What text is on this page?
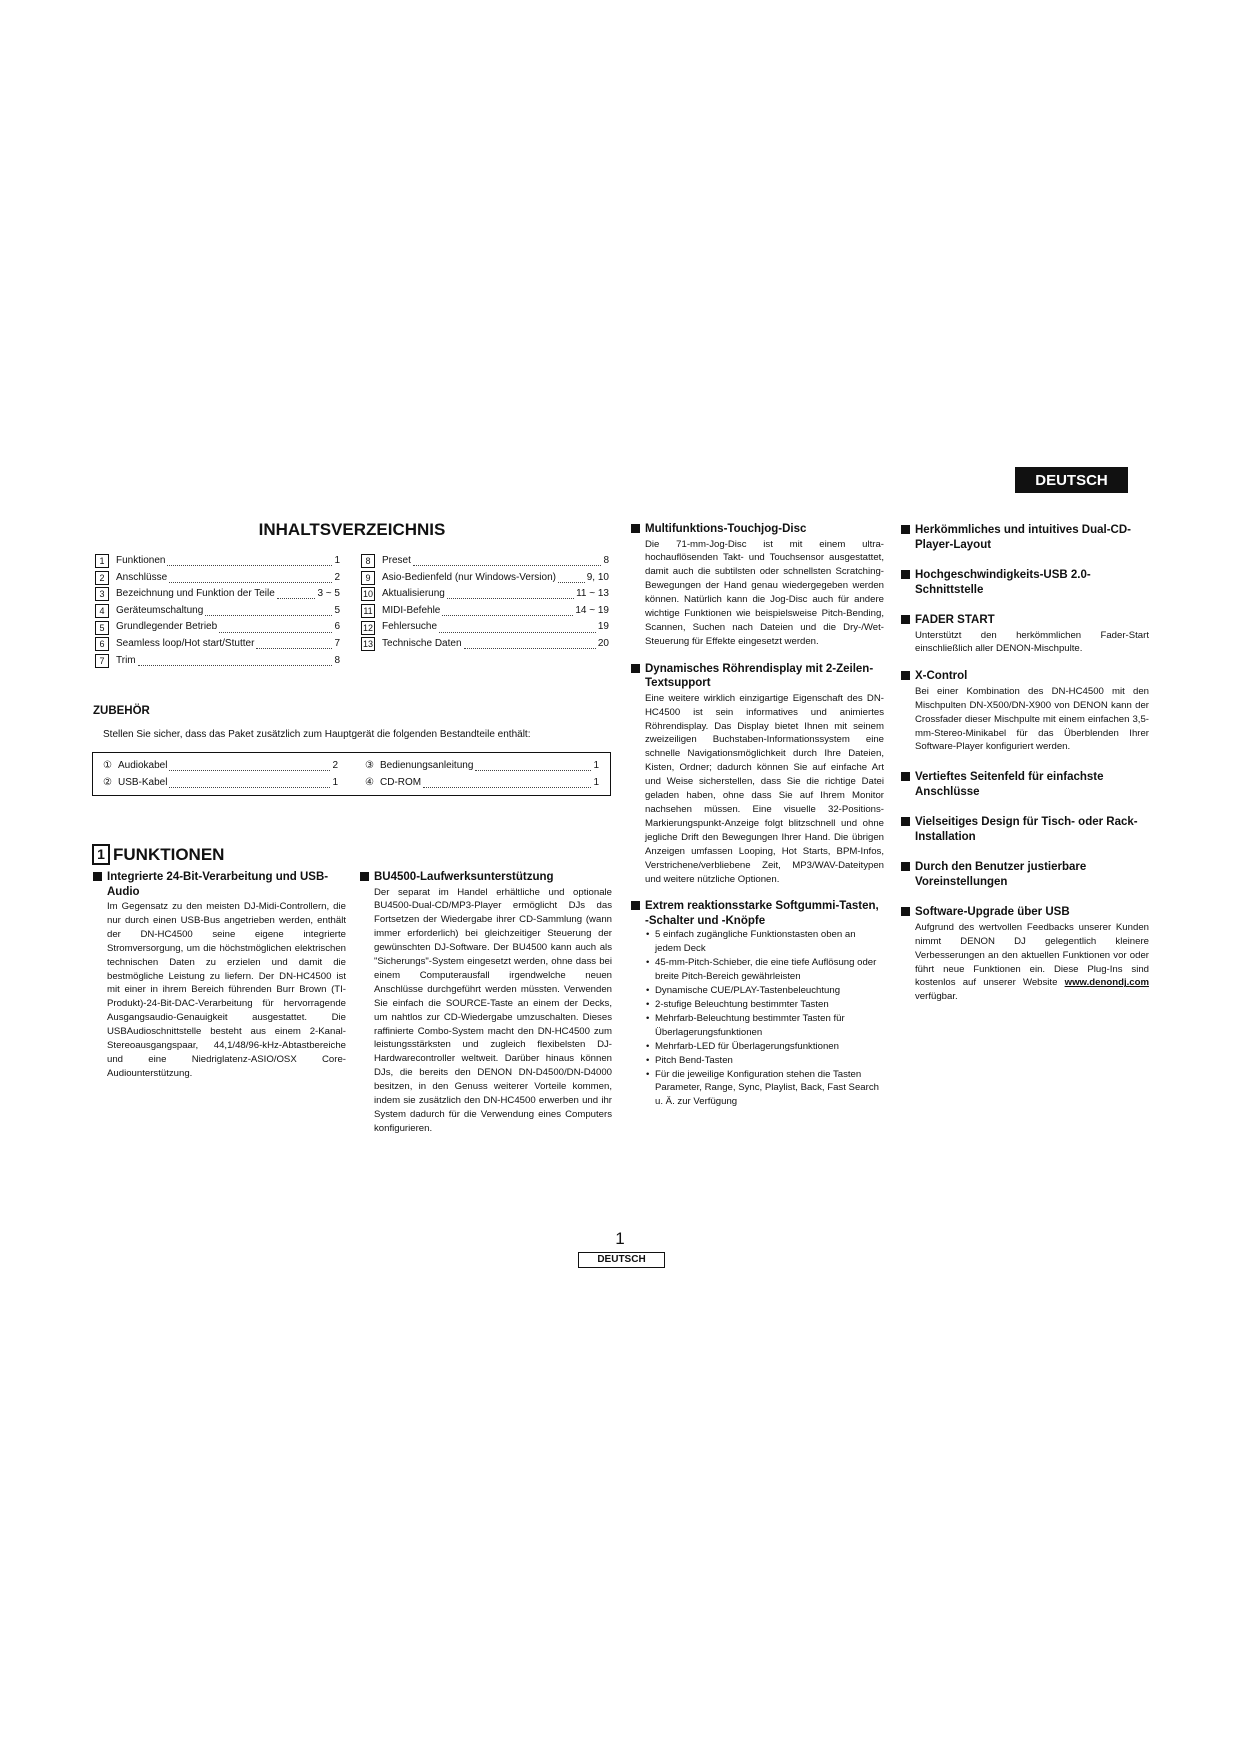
DEUTSCH
INHALTSVERZEICHNIS
1	Funktionen	1
2	Anschlüsse	2
3	Bezeichnung und Funktion der Teile	3 ~ 5
4	Geräteumschaltung	5
5	Grundlegender Betrieb	6
6	Seamless loop/Hot start/Stutter	7
7	Trim	8
8	Preset	8
9	Asio-Bedienfeld (nur Windows-Version)	9, 10
10 Aktualisierung	11 ~ 13
11 MIDI-Befehle	14 ~ 19
12 Fehlersuche	19
13 Technische Daten	20
ZUBEHÖR
Stellen Sie sicher, dass das Paket zusätzlich zum Hauptgerät die folgenden Bestandteile enthält:
① Audiokabel	2
② USB-Kabel	1
③ Bedienungsanleitung	1
④ CD-ROM	1
1 FUNKTIONEN
Integrierte 24-Bit-Verarbeitung und USB-Audio

Im Gegensatz zu den meisten DJ-Midi-Controllern, die nur durch einen USB-Bus angetrieben werden, enthält der DN-HC4500 seine eigene integrierte Stromversorgung, um die höchstmöglichen elektrischen technischen Daten zu erzielen und damit die bestmögliche Leistung zu liefern. Der DN-HC4500 ist mit einer in ihrem Bereich führenden Burr Brown (TI-Produkt)-24-Bit-DAC-Verarbeitung für hervorragende Ausgangsaudio-Genauigkeit ausgestattet. Die USBAudioschnittstelle besteht aus einem 2-Kanal-Stereoausgangspaar, 44,1/48/96-kHz-Abtastbereiche und eine Niedriglatenz-ASIO/OSX Core-Audiounterstützung.

BU4500-Laufwerksunterstützung

Der separat im Handel erhältliche und optionale BU4500-Dual-CD/MP3-Player ermöglicht DJs das Fortsetzen der Wiedergabe ihrer CD-Sammlung (wann immer erforderlich) bei gleichzeitiger Steuerung der gewünschten DJ-Software. Der BU4500 kann auch als "Sicherungs"-System eingesetzt werden, ohne dass bei einem Computerausfall irgendwelche neuen Anschlüsse durchgeführt werden müssten. Verwenden Sie einfach die SOURCE-Taste an einem der Decks, um nahtlos zur CD-Wiedergabe umzuschalten. Dieses raffinierte Combo-System macht den DN-HC4500 zum leistungsstärksten und zugleich flexibelsten DJ-Hardwarecontroller weltweit. Darüber hinaus können DJs, die bereits den DENON DN-D4500/DN-D4000 besitzen, in den Genuss weiterer Vorteile kommen, indem sie zusätzlich den DN-HC4500 erwerben und ihr System dadurch für die Verwendung eines Computers konfigurieren.

Multifunktions-Touchjog-Disc

Die 71-mm-Jog-Disc ist mit einem ultra-hochauflösenden Takt- und Touchsensor ausgestattet, damit auch die subtilsten oder schnellsten Scratching-Bewegungen der Hand genau wiedergegeben werden können. Natürlich kann die Jog-Disc auch für andere wichtige Funktionen wie beispielsweise Pitch-Bending, Scannen, Suchen nach Dateien und die Dry-/Wet-Steuerung für Effekte eingesetzt werden.

Dynamisches Röhrendisplay mit 2-Zeilen-Textsupport

Eine weitere wirklich einzigartige Eigenschaft des DN-HC4500 ist sein informatives und animiertes Röhrendisplay. Das Display bietet Ihnen mit seinem zweizeiligen Buchstaben-Informationssystem eine schnelle Navigationsmöglichkeit durch Ihre Dateien, Kisten, Ordner; dadurch können Sie auf einfache Art und Weise sicherstellen, dass Sie die richtige Datei geladen haben, ohne dass Sie auf Ihrem Monitor nachsehen müssen. Eine visuelle 32-Positions-Markierungspunkt-Anzeige folgt blitzschnell und ohne jegliche Drift den Bewegungen Ihrer Hand. Die übrigen Anzeigen umfassen Looping, Hot Starts, BPM-Infos, Verstrichene/verbliebene Zeit, MP3/WAV-Dateitypen und weitere nützliche Optionen.

Extrem reaktionsstarke Softgummi-Tasten, -Schalter und -Knöpfe

• 5 einfach zugängliche Funktionstasten oben an jedem Deck

• 45-mm-Pitch-Schieber, die eine tiefe Auflösung oder breite Pitch-Bereich gewährleisten

• Dynamische CUE/PLAY-Tastenbeleuchtung

• 2-stufige Beleuchtung bestimmter Tasten

• Mehrfarb-Beleuchtung bestimmter Tasten für Überlagerungsfunktionen

• Mehrfarb-LED für Überlagerungsfunktionen

• Pitch Bend-Tasten

• Für die jeweilige Konfiguration stehen die Tasten Parameter, Range, Sync, Playlist, Back, Fast Search u. Ä. zur Verfügung

Herkömmliches und intuitives Dual-CD-Player-Layout
Hochgeschwindigkeits-USB 2.0-Schnittstelle
FADER START

Unterstützt den herkömmlichen Fader-Start einschließlich aller DENON-Mischpulte.

X-Control

Bei einer Kombination des DN-HC4500 mit den Mischpulten DN-X500/DN-X900 von DENON kann der Crossfader dieser Mischpulte mit einem einfachen 3,5-mm-Stereo-Minikabel für das Überblenden Ihrer Software-Player konfiguriert werden.

Vertieftes Seitenfeld für einfachste Anschlüsse
Vielseitiges Design für Tisch- oder Rack-Installation
Durch den Benutzer justierbare Voreinstellungen
Software-Upgrade über USB

Aufgrund des wertvollen Feedbacks unserer Kunden nimmt DENON DJ gelegentlich kleinere Verbesserungen an den aktuellen Funktionen vor oder führt neue Funktionen ein. Diese Plug-Ins sind kostenlos auf unserer Website www.denondj.com verfügbar.

1
DEUTSCH
